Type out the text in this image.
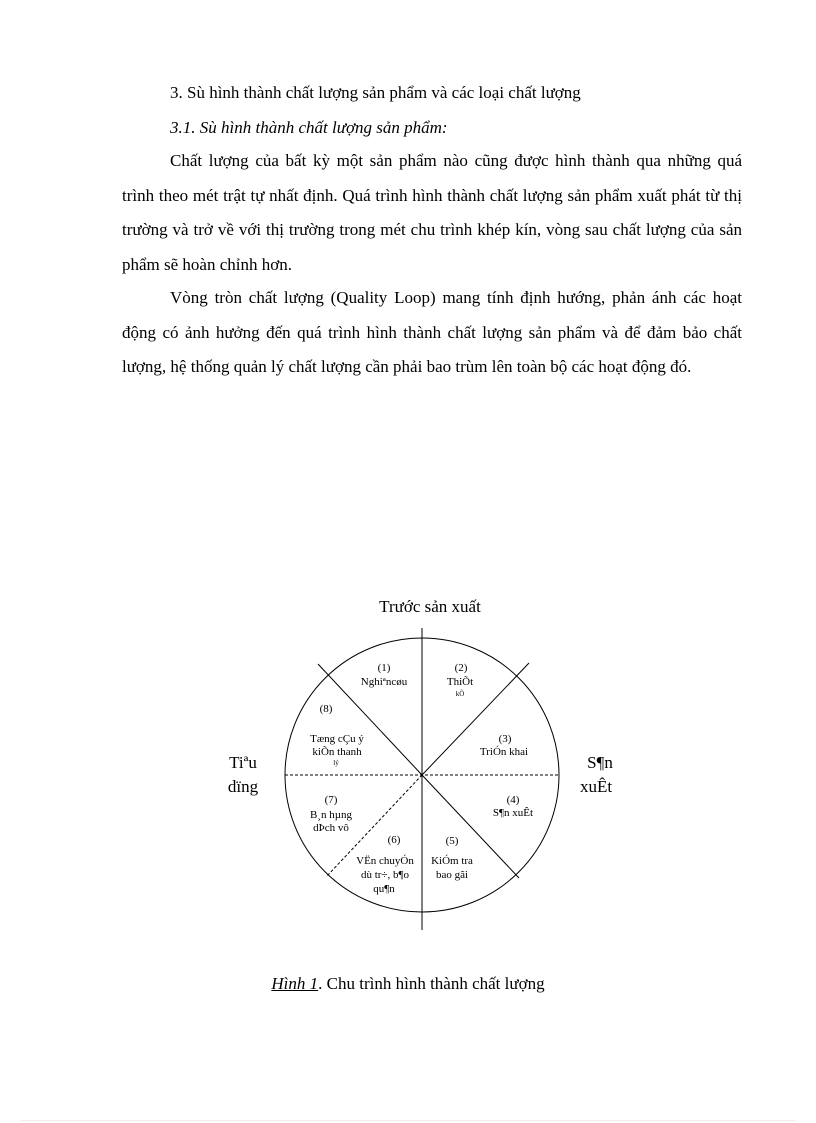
3. Sù hình thành chất lượng sản phẩm và các loại chất lượng
3.1. Sù hình thành chất lượng sản phẩm:

Chất lượng của bất kỳ một sản phẩm nào cũng được hình thành qua những quá trình theo mét trật tự nhất định. Quá trình hình thành chất lượng sản phẩm xuất phát từ thị trường và trở về với thị trường trong mét chu trình khép kín, vòng sau chất lượng của sản phẩm sẽ hoàn chỉnh hơn.

Vòng tròn chất lượng (Quality Loop) mang tính định hướng, phản ánh các hoạt động có ảnh hưởng đến quá trình hình thành chất lượng sản phẩm và để đảm bảo chất lượng, hệ thống quản lý chất lượng cần phải bao trùm lên toàn bộ các hoạt động đó.

Trước sản xuất
Tiªu
dïng
S¶n
xuÊt
(1)
Nghiªncøu
(2)
ThiÕt
kÕ
(3)
TriÓn khai
(4)
S¶n xuÊt
(5)
KiÓm tra
bao gãi
(6)
VËn chuyÓn
dù tr÷, b¶o
qu¶n
(7)
B¸n hµng
dÞch vô
(8)
Tæng cÇu ý
kiÕn thanh
lý
Hình 1. Chu trình hình thành chất lượng
